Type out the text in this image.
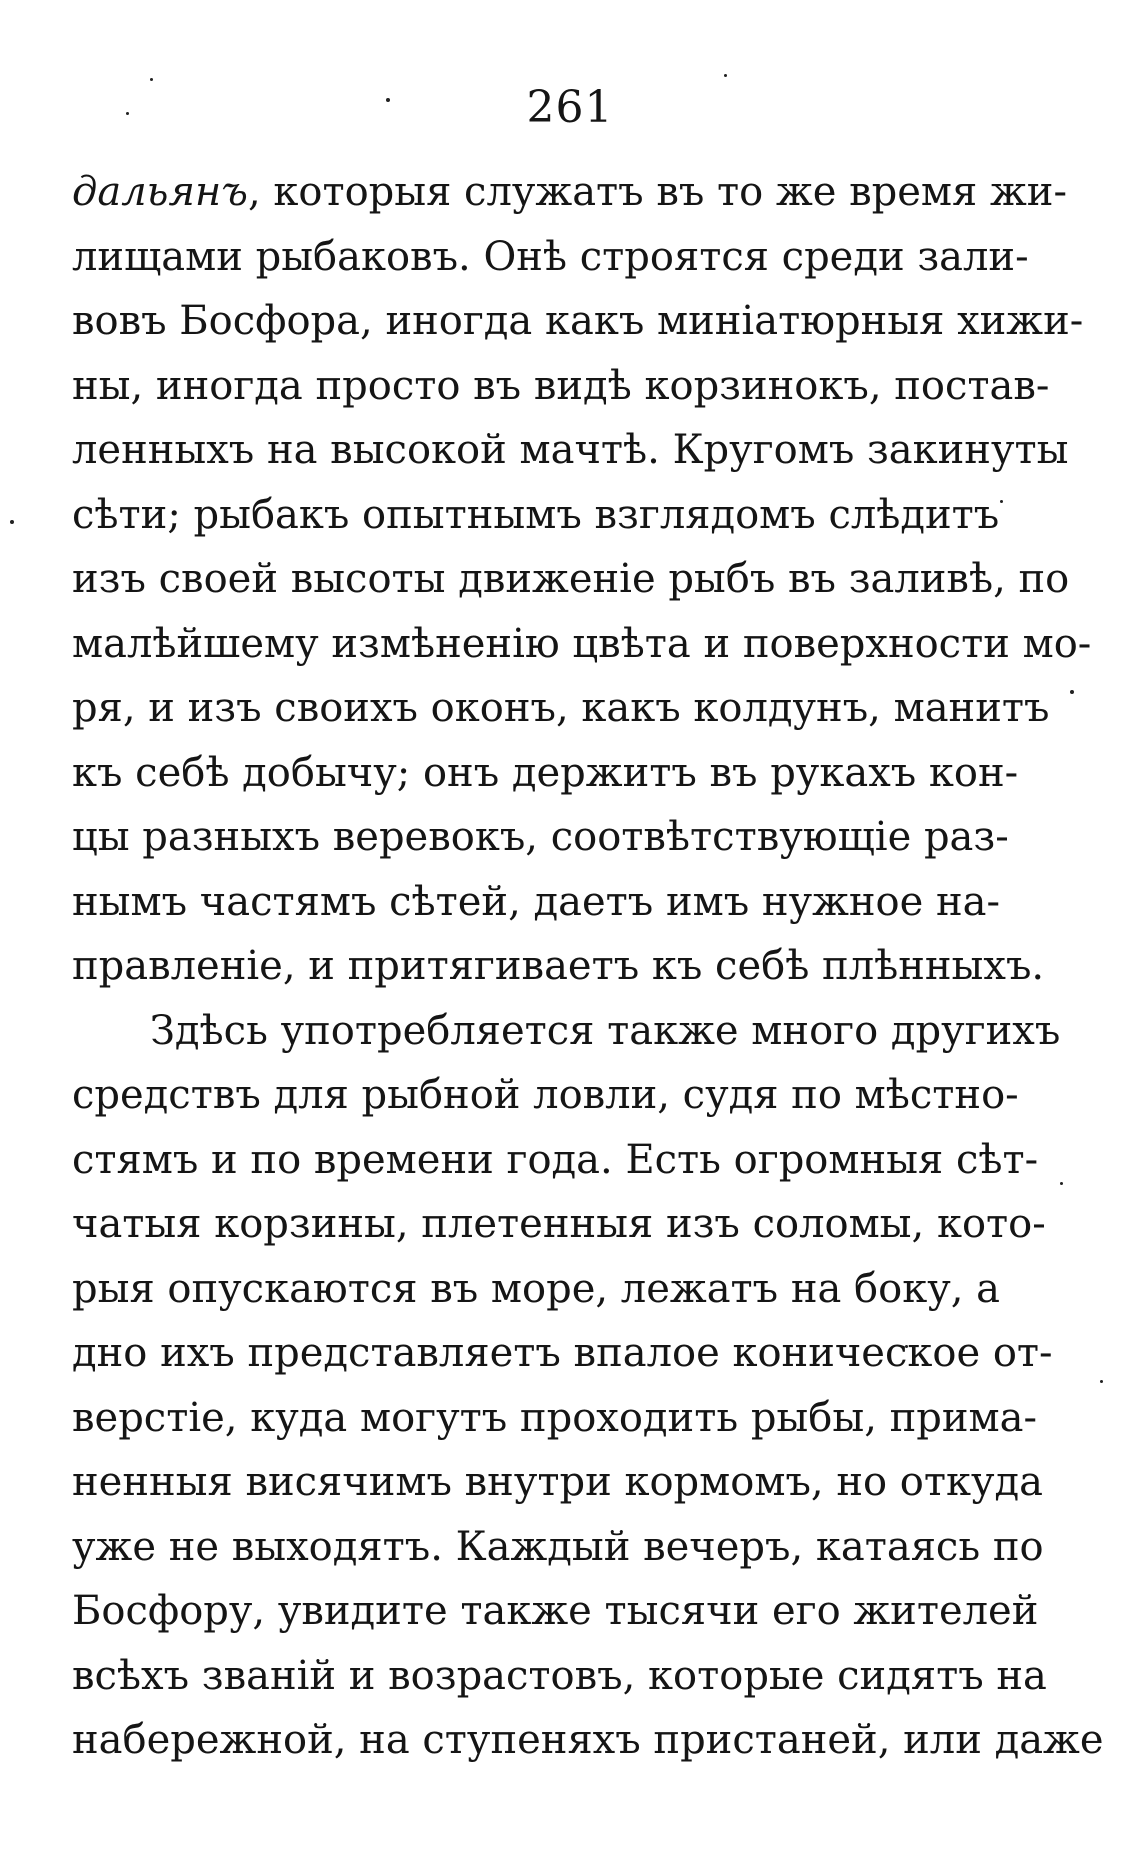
261
дальянъ, которыя служатъ въ то же время жи-
лищами рыбаковъ. Онѣ строятся среди зали-
вовъ Босфора, иногда какъ миніатюрныя хижи-
ны, иногда просто въ видѣ корзинокъ, постав-
ленныхъ на высокой мачтѣ. Кругомъ закинуты
сѣти; рыбакъ опытнымъ взглядомъ слѣдитъ
изъ своей высоты движеніе рыбъ въ заливѣ, по
малѣйшему измѣненію цвѣта и поверхности мо-
ря, и изъ своихъ оконъ, какъ колдунъ, манитъ
къ себѣ добычу; онъ держитъ въ рукахъ кон-
цы разныхъ веревокъ, соотвѣтствующіе раз-
нымъ частямъ сѣтей, даетъ имъ нужное на-
правленіе, и притягиваетъ къ себѣ плѣнныхъ.
Здѣсь употребляется также много другихъ
средствъ для рыбной ловли, судя по мѣстно-
стямъ и по времени года. Есть огромныя сѣт-
чатыя корзины, плетенныя изъ соломы, кото-
рыя опускаются въ море, лежатъ на боку, а
дно ихъ представляетъ впалое коническое от-
верстіе, куда могутъ проходить рыбы, прима-
ненныя висячимъ внутри кормомъ, но откуда
уже не выходятъ. Каждый вечеръ, катаясь по
Босфору, увидите также тысячи его жителей
всѣхъ званій и возрастовъ, которые сидятъ на
набережной, на ступеняхъ пристаней, или даже
